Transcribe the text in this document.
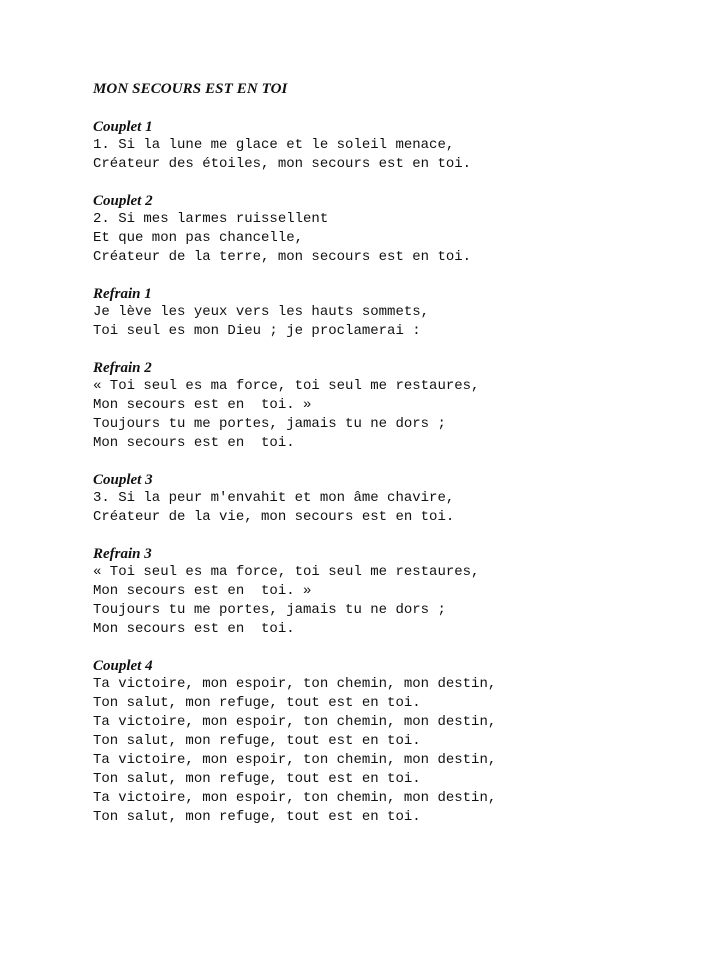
MON SECOURS EST EN TOI
Couplet 1
1. Si la lune me glace et le soleil menace,
Créateur des étoiles, mon secours est en toi.
Couplet 2
2. Si mes larmes ruissellent
Et que mon pas chancelle,
Créateur de la terre, mon secours est en toi.
Refrain 1
Je lève les yeux vers les hauts sommets,
Toi seul es mon Dieu ; je proclamerai :
Refrain 2
« Toi seul es ma force, toi seul me restaures,
Mon secours est en  toi. »
Toujours tu me portes, jamais tu ne dors ;
Mon secours est en  toi.
Couplet 3
3. Si la peur m'envahit et mon âme chavire,
Créateur de la vie, mon secours est en toi.
Refrain 3
« Toi seul es ma force, toi seul me restaures,
Mon secours est en  toi. »
Toujours tu me portes, jamais tu ne dors ;
Mon secours est en  toi.
Couplet 4
Ta victoire, mon espoir, ton chemin, mon destin,
Ton salut, mon refuge, tout est en toi.
Ta victoire, mon espoir, ton chemin, mon destin,
Ton salut, mon refuge, tout est en toi.
Ta victoire, mon espoir, ton chemin, mon destin,
Ton salut, mon refuge, tout est en toi.
Ta victoire, mon espoir, ton chemin, mon destin,
Ton salut, mon refuge, tout est en toi.
